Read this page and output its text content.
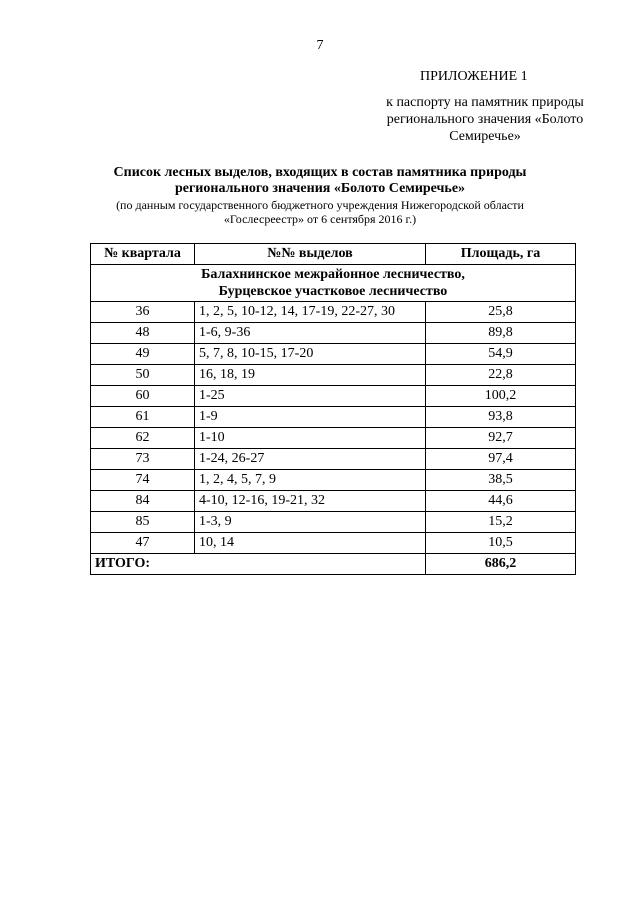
7
ПРИЛОЖЕНИЕ 1
к паспорту на памятник природы регионального значения «Болото Семиречье»
Список лесных выделов, входящих в состав памятника природы
регионального значения «Болото Семиречье»
(по данным государственного бюджетного учреждения Нижегородской области
«Гослесреестр» от 6 сентября 2016 г.)
№ квартала	№№ выделов	Площадь, га

Балахнинское межрайонное лесничество,
Бурцевское участковое лесничество		

36	1, 2, 5, 10-12, 14, 17-19, 22-27, 30	25,8
48	1-6, 9-36	89,8
49	5, 7, 8, 10-15, 17-20	54,9
50	16, 18, 19	22,8
60	1-25	100,2
61	1-9	93,8
62	1-10	92,7
73	1-24, 26-27	97,4
74	1, 2, 4, 5, 7, 9	38,5
84	4-10, 12-16, 19-21, 32	44,6
85	1-3, 9	15,2
47	10, 14	10,5
ИТОГО:		686,2
